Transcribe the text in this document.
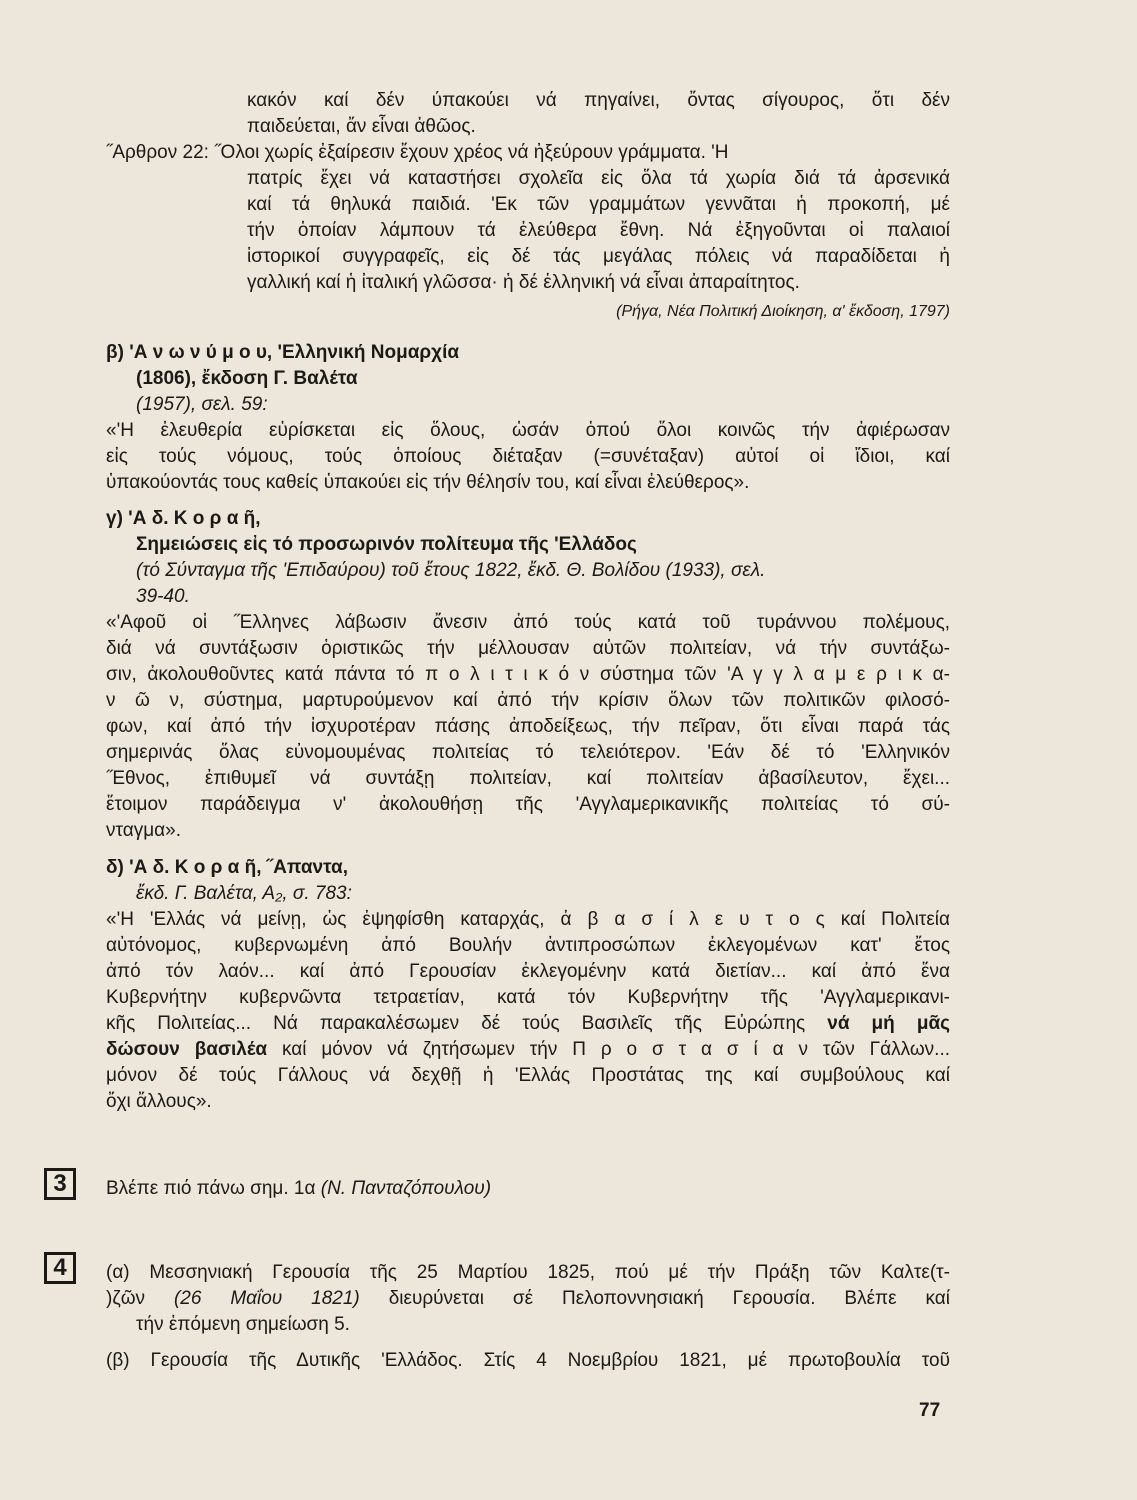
κακόν καί δέν ύπακούει νά πηγαίνει, ὄντας σίγουρος, ὅτι δέν

παιδεύεται, ἄν εἶναι ἀθῶος.

˝Αρθρον 22: ˝Ολοι χωρίς ἐξαίρεσιν ἔχουν χρέος νά ἠξεύρουν γράμματα. 'Η

πατρίς ἔχει νά καταστήσει σχολεῖα εἰς ὅλα τά χωρία διά τά ἀρσενικά

καί τά θηλυκά παιδιά. 'Εκ τῶν γραμμάτων γεννᾶται ἡ προκοπή, μέ

τήν ὁποίαν λάμπουν τά ἐλεύθερα ἔθνη. Νά ἐξηγοῦνται οἱ παλαιοί

ἱστορικοί συγγραφεῖς, εἰς δέ τάς μεγάλας πόλεις νά παραδίδεται ἡ

γαλλική καί ἡ ἰταλική γλῶσσα· ἡ δέ ἑλληνική νά εἶναι ἀπαραίτητος.

(Ρήγα, Νέα Πολιτική Διοίκηση, α' ἔκδοση, 1797)

β) 'Α ν ω ν ύ μ ο υ, 'Ελληνική Νομαρχία

(1806), ἔκδοση Γ. Βαλέτα

(1957), σελ. 59:

«'Η ἐλευθερία εὑρίσκεται εἰς ὅλους, ὡσάν ὁπού ὅλοι κοινῶς τήν ἀφιέρωσαν

εἰς τούς νόμους, τούς ὁποίους διέταξαν (=συνέταξαν) αὐτοί οἱ ἴδιοι, καί

ὑπακούοντάς τους καθείς ὑπακούει εἰς τήν θέλησίν του, καί εἶναι ἐλεύθερος».

γ) 'Α δ. Κ ο ρ α ῆ,

Σημειώσεις εἰς τό προσωρινόν πολίτευμα τῆς 'Ελλάδος

(τό Σύνταγμα τῆς 'Επιδαύρου) τοῦ ἔτους 1822, ἔκδ. Θ. Βολίδου (1933), σελ.

39-40.

«'Αφοῦ οἱ ˝Ελληνες λάβωσιν ἄνεσιν ἀπό τούς κατά τοῦ τυράννου πολέμους,

διά νά συντάξωσιν ὁριστικῶς τήν μέλλουσαν αὐτῶν πολιτείαν, νά τήν συντάξω-

σιν, ἀκολουθοῦντες κατά πάντα τό π ο λ ι τ ι κ ό ν σύστημα τῶν 'Α γ γ λ α μ ε ρ ι κ α-

ν ῶ ν, σύστημα, μαρτυρούμενον καί ἀπό τήν κρίσιν ὅλων τῶν πολιτικῶν φιλοσό-

φων, καί ἀπό τήν ἰσχυροτέραν πάσης ἀποδείξεως, τήν πεῖραν, ὅτι εἶναι παρά τάς

σημερινάς ὅλας εὐνομουμένας πολιτείας τό τελειότερον. 'Εάν δέ τό 'Ελληνικόν

˝Εθνος, ἐπιθυμεῖ νά συντάξῃ πολιτείαν, καί πολιτείαν ἀβασίλευτον, ἔχει...

ἕτοιμον παράδειγμα ν' ἀκολουθήσῃ τῆς 'Αγγλαμερικανικῆς πολιτείας τό σύ-

νταγμα».

δ) 'Α δ. Κ ο ρ α ῆ, ˝Απαντα,

ἔκδ. Γ. Βαλέτα, Α₂, σ. 783:

«'Η 'Ελλάς νά μείνῃ, ὡς ἐψηφίσθη καταρχάς, ἀ β α σ ί λ ε υ τ ο ς καί Πολιτεία

αὐτόνομος, κυβερνωμένη ἀπό Βουλήν ἀντιπροσώπων ἐκλεγομένων κατ' ἔτος

ἀπό τόν λαόν... καί ἀπό Γερουσίαν ἐκλεγομένην κατά διετίαν... καί ἀπό ἕνα

Κυβερνήτην κυβερνῶντα τετραετίαν, κατά τόν Κυβερνήτην τῆς 'Αγγλαμερικανι-

κῆς Πολιτείας... Νά παρακαλέσωμεν δέ τούς Βασιλεῖς τῆς Εὐρώπης νά μή μᾶς

δώσουν βασιλέα καί μόνον νά ζητήσωμεν τήν Π ρ ο σ τ α σ ί α ν τῶν Γάλλων...

μόνον δέ τούς Γάλλους νά δεχθῇ ἡ 'Ελλάς Προστάτας της καί συμβούλους καί

ὄχι ἄλλους».

3	Βλέπε πιό πάνω σημ. 1α (Ν. Πανταζόπουλου)

4	(α) Μεσσηνιακή Γερουσία τῆς 25 Μαρτίου 1825, πού μέ τήν Πράξη τῶν Καλτε(τ-

)ζῶν (26 Μαΐου 1821) διευρύνεται σέ Πελοποννησιακή Γερουσία. Βλέπε καί

τήν ἑπόμενη σημείωση 5.

(β) Γερουσία τῆς Δυτικῆς 'Ελλάδος. Στίς 4 Νοεμβρίου 1821, μέ πρωτοβουλία τοῦ

77
